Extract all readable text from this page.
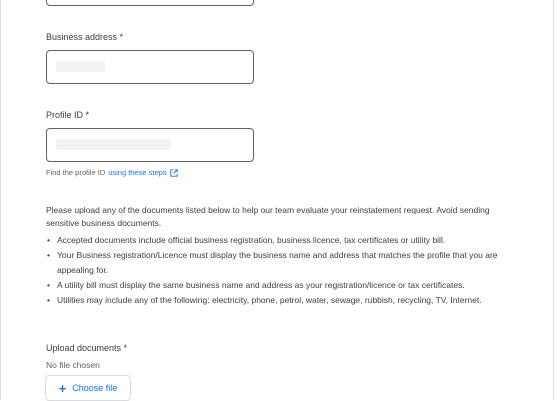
Business address *
Profile ID *
Find the profile ID using these steps
Please upload any of the documents listed below to help our team evaluate your reinstatement request. Avoid sending sensitive business documents.
• Accepted documents include official business registration, business licence, tax certificates or utility bill.
• Your Business registration/Licence must display the business name and address that matches the profile that you are appealing for.
• A utility bill must display the same business name and address as your registration/licence or tax certificates.
• Utilities may include any of the following: electricity, phone, petrol, water, sewage, rubbish, recycling, TV, Internet.
Upload documents *
No file chosen
+ Choose file
